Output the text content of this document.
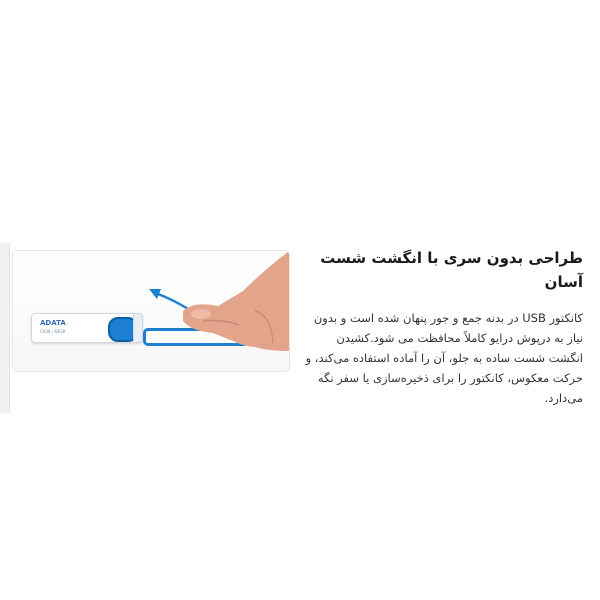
ADATA
C008 / 64GB
طراحی بدون سری با انگشت شست آسان

کانکتور USB در بدنه جمع و جور پنهان شده است و بدون نیاز به درپوش درایو کاملاً محافظت می شود.کشیدن انگشت شست ساده به جلو، آن را آماده استفاده می‌کند، و حرکت معکوس، کانکتور را برای ذخیره‌سازی یا سفر نگه می‌دارد.
